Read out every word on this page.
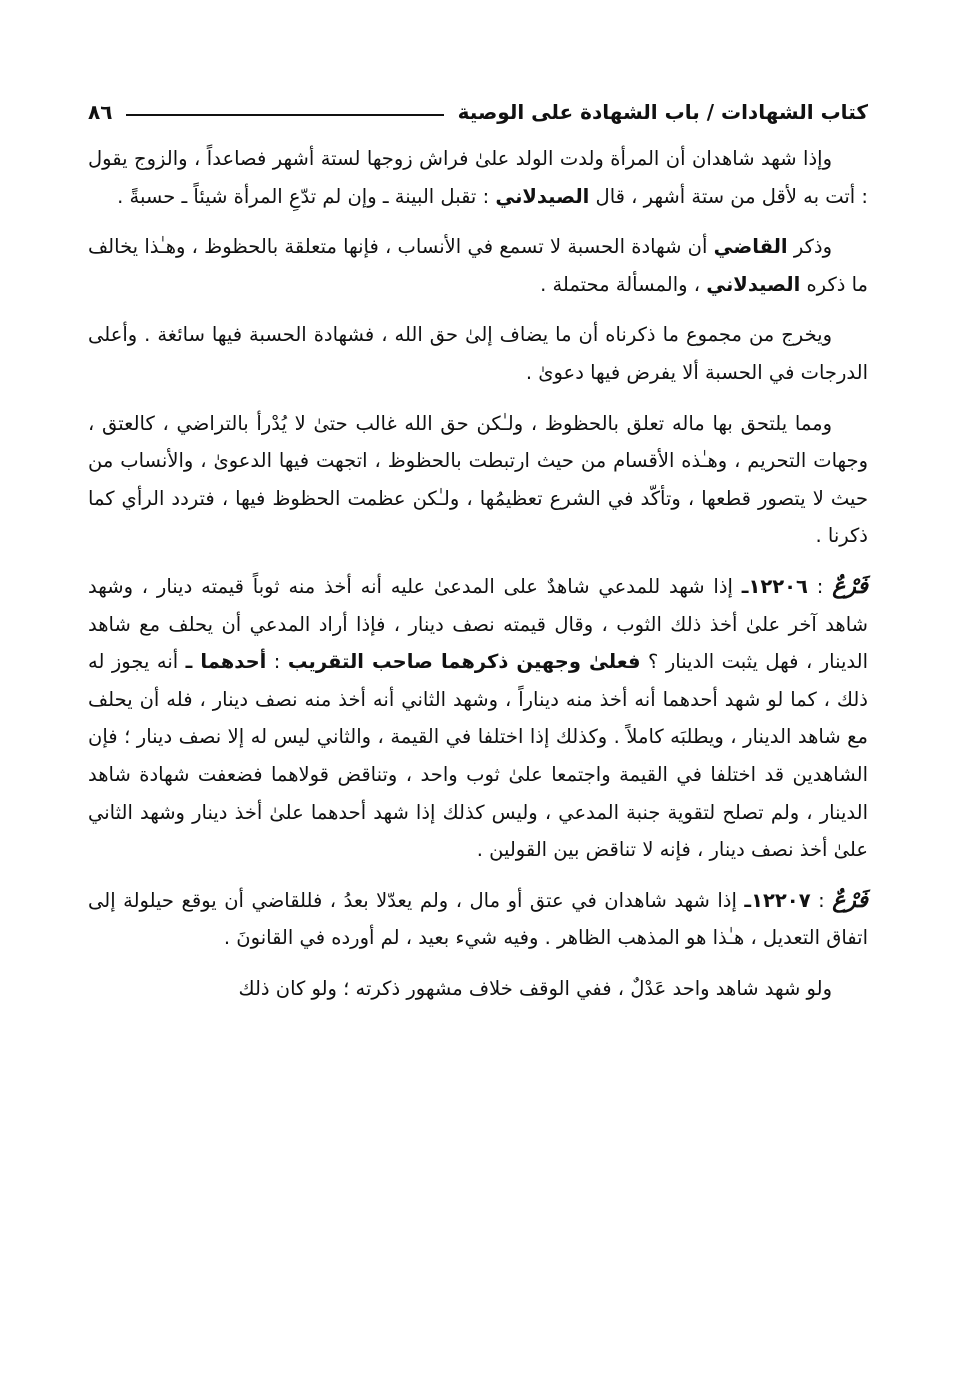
كتاب الشهادات / باب الشهادة على الوصية
٨٦

وإذا شهد شاهدان أن المرأة ولدت الولد علىٰ فراش زوجها لستة أشهر فصاعداً ، والزوج يقول : أتت به لأقل من ستة أشهر ، قال الصيدلاني : تقبل البينة ـ وإن لم تدّعِ المرأة شيئاً ـ حسبةً .

وذكر القاضي أن شهادة الحسبة لا تسمع في الأنساب ، فإنها متعلقة بالحظوظ ، وهـٰذا يخالف ما ذكره الصيدلاني ، والمسألة محتملة .

ويخرج من مجموع ما ذكرناه أن ما يضاف إلىٰ حق الله ، فشهادة الحسبة فيها سائغة . وأعلى الدرجات في الحسبة ألا يفرض فيها دعوىٰ .

ومما يلتحق بها ماله تعلق بالحظوظ ، ولـٰكن حق الله غالب حتىٰ لا يُدْرأ بالتراضي ، كالعتق ، وجهات التحريم ، وهـٰذه الأقسام من حيث ارتبطت بالحظوظ ، اتجهت فيها الدعوىٰ ، والأنساب من حيث لا يتصور قطعها ، وتأكّد في الشرع تعظيمُها ، ولـٰكن عظمت الحظوظ فيها ، فتردد الرأي كما ذكرنا .

فَرْعٌ : ١٢٢٠٦ـ إذا شهد للمدعي شاهدٌ على المدعىٰ عليه أنه أخذ منه ثوباً قيمته دينار ، وشهد شاهد آخر علىٰ أخذ ذلك الثوب ، وقال قيمته نصف دينار ، فإذا أراد المدعي أن يحلف مع شاهد الدينار ، فهل يثبت الدينار ؟ فعلىٰ وجهين ذكرهما صاحب التقريب : أحدهما ـ أنه يجوز له ذلك ، كما لو شهد أحدهما أنه أخذ منه ديناراً ، وشهد الثاني أنه أخذ منه نصف دينار ، فله أن يحلف مع شاهد الدينار ، ويطلبَه كاملاً . وكذلك إذا اختلفا في القيمة ، والثاني ليس له إلا نصف دينار ؛ فإن الشاهدين قد اختلفا في القيمة واجتمعا علىٰ ثوب واحد ، وتناقض قولاهما فضعفت شهادة شاهد الدينار ، ولم تصلح لتقوية جنبة المدعي ، وليس كذلك إذا شهد أحدهما علىٰ أخذ دينار وشهد الثاني علىٰ أخذ نصف دينار ، فإنه لا تناقض بين القولين .

فَرْعٌ : ١٢٢٠٧ـ إذا شهد شاهدان في عتق أو مال ، ولم يعدّلا بعدُ ، فللقاضي أن يوقع حيلولة إلى اتفاق التعديل ، هـٰذا هو المذهب الظاهر . وفيه شيء بعيد ، لم أورده في القانونَ .

ولو شهد شاهد واحد عَدْلٌ ، ففي الوقف خلاف مشهور ذكرته ؛ ولو كان ذلك
